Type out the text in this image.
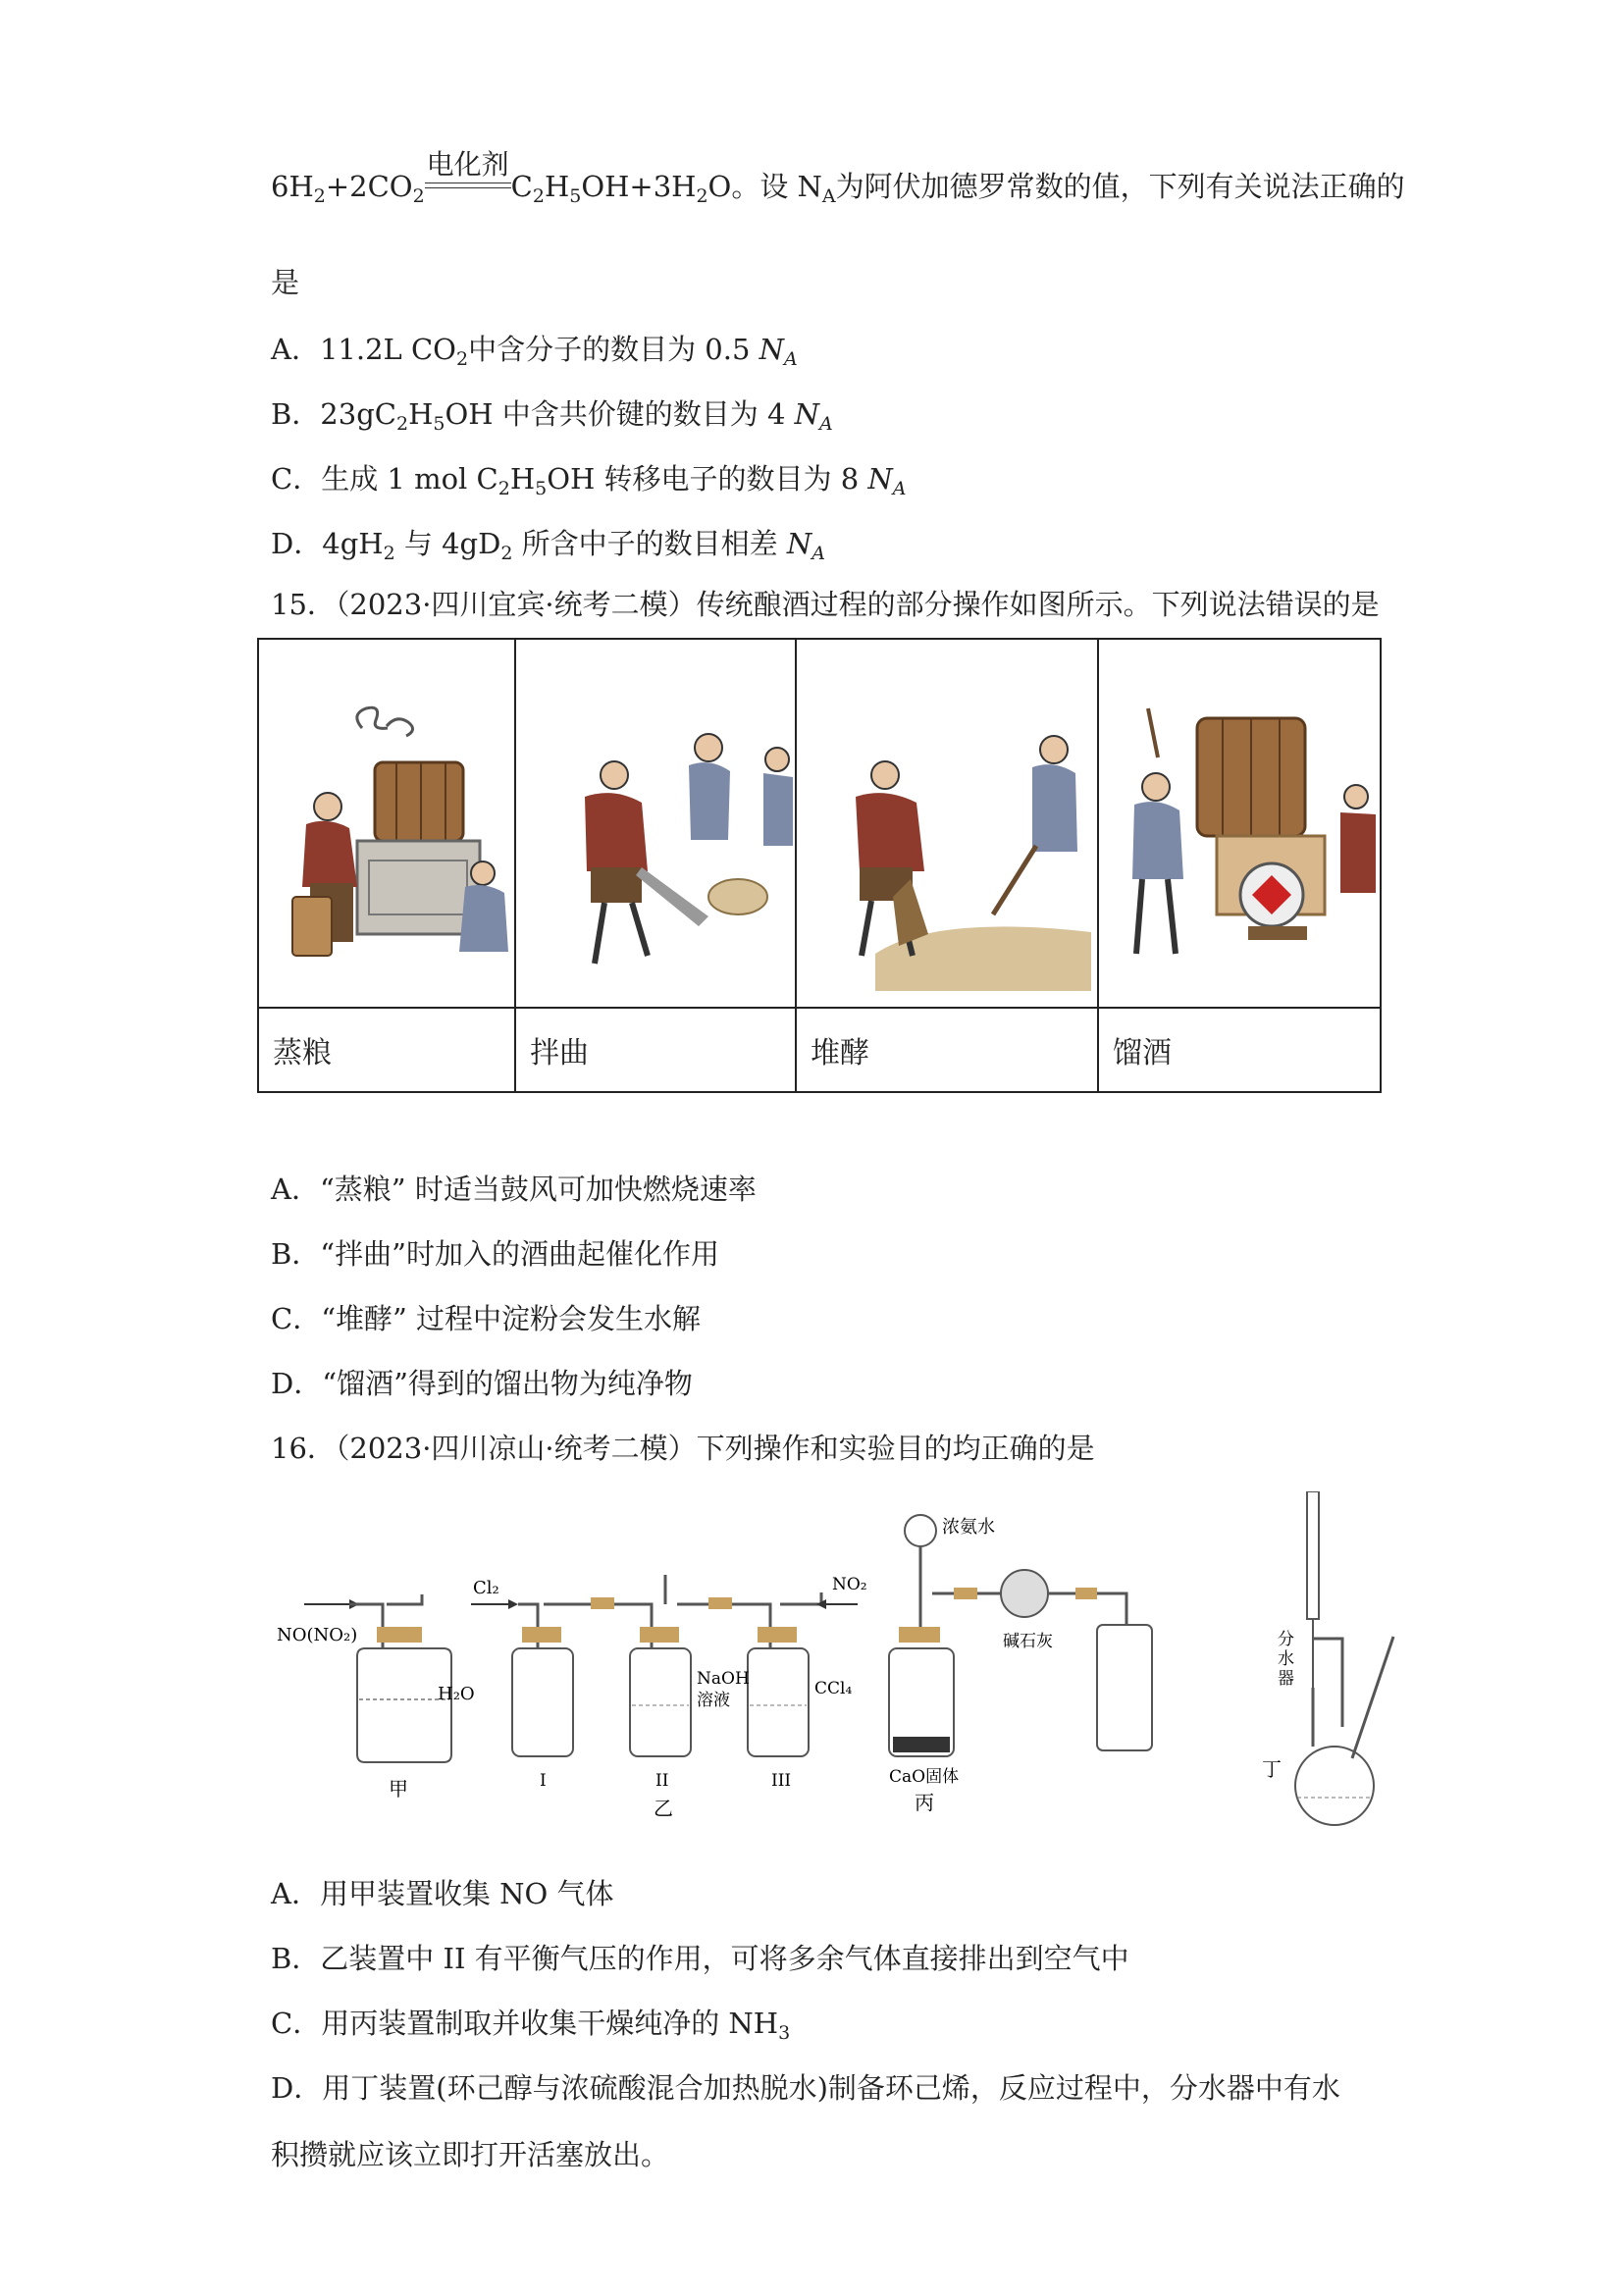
$6H_2+2CO_2$
电化剂
$C_2H_5OH+3H_2O$。设 $N_A$为阿伏加德罗常数的值，下列有关说法正确的
是
A．11.2L $CO_2$中含分子的数目为 0.5 $N_A$
B．$23gC_2H_5OH$ 中含共价键的数目为 4 $N_A$
C．生成 1 mol $C_2H_5OH$ 转移电子的数目为 8 $N_A$
D．$4gH_2$ 与 $4gD_2$ 所含中子的数目相差 $N_A$
15．（2023·四川宜宾·统考二模）传统酿酒过程的部分操作如图所示。下列说法错误的是

蒸粮	拌曲	堆酵	馏酒
A．“蒸粮” 时适当鼓风可加快燃烧速率
B．“拌曲”时加入的酒曲起催化作用
C．“堆酵” 过程中淀粉会发生水解
D．“馏酒”得到的馏出物为纯净物
16．（2023·四川凉山·统考二模）下列操作和实验目的均正确的是
NO(NO₂)
H₂O
甲
Cl₂
NaOH
溶液
CCl₄
NO₂
I	II	III
乙
浓氨水
碱石灰
CaO固体
丙
分
水
器
丁
A．用甲装置收集 NO 气体
B．乙装置中 II 有平衡气压的作用，可将多余气体直接排出到空气中
C．用丙装置制取并收集干燥纯净的 $NH_3$
D．用丁装置(环己醇与浓硫酸混合加热脱水)制备环己烯，反应过程中，分水器中有水
积攒就应该立即打开活塞放出。
